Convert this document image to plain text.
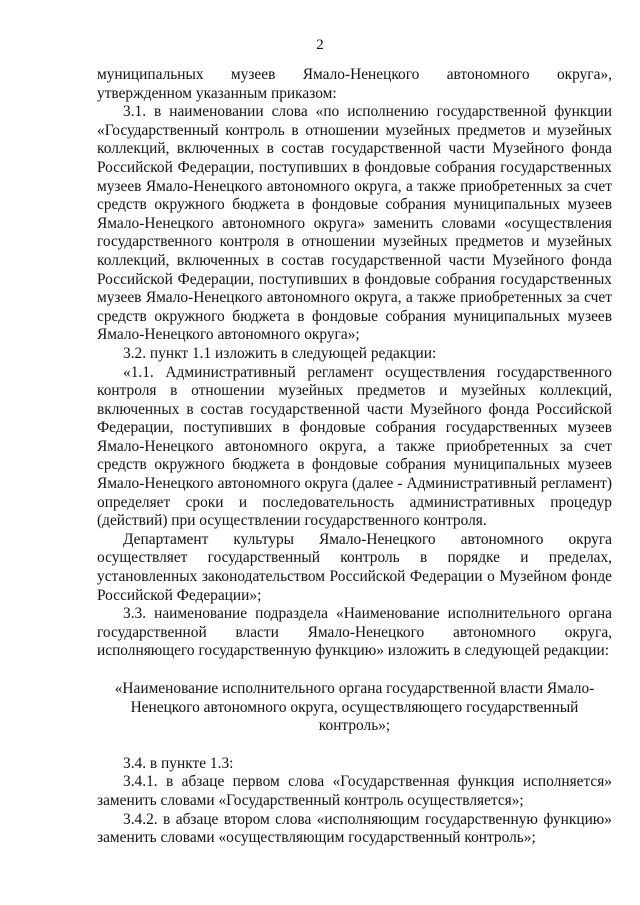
2

муниципальных музеев Ямало-Ненецкого автономного округа», утвержденном указанным приказом:

3.1. в наименовании слова «по исполнению государственной функции «Государственный контроль в отношении музейных предметов и музейных коллекций, включенных в состав государственной части Музейного фонда Российской Федерации, поступивших в фондовые собрания государственных музеев Ямало-Ненецкого автономного округа, а также приобретенных за счет средств окружного бюджета в фондовые собрания муниципальных музеев Ямало-Ненецкого автономного округа» заменить словами «осуществления государственного контроля в отношении музейных предметов и музейных коллекций, включенных в состав государственной части Музейного фонда Российской Федерации, поступивших в фондовые собрания государственных музеев Ямало-Ненецкого автономного округа, а также приобретенных за счет средств окружного бюджета в фондовые собрания муниципальных музеев Ямало-Ненецкого автономного округа»;

3.2. пункт 1.1 изложить в следующей редакции:

«1.1. Административный регламент осуществления государственного контроля в отношении музейных предметов и музейных коллекций, включенных в состав государственной части Музейного фонда Российской Федерации, поступивших в фондовые собрания государственных музеев Ямало-Ненецкого автономного округа, а также приобретенных за счет средств окружного бюджета в фондовые собрания муниципальных музеев Ямало-Ненецкого автономного округа (далее - Административный регламент) определяет сроки и последовательность административных процедур (действий) при осуществлении государственного контроля.

Департамент культуры Ямало-Ненецкого автономного округа осуществляет государственный контроль в порядке и пределах, установленных законодательством Российской Федерации о Музейном фонде Российской Федерации»;

3.3. наименование подраздела «Наименование исполнительного органа государственной власти Ямало-Ненецкого автономного округа, исполняющего государственную функцию» изложить в следующей редакции:

«Наименование исполнительного органа государственной власти Ямало-Ненецкого автономного округа, осуществляющего государственный контроль»;

3.4. в пункте 1.3:

3.4.1. в абзаце первом слова «Государственная функция исполняется» заменить словами «Государственный контроль осуществляется»;

3.4.2. в абзаце втором слова «исполняющим государственную функцию» заменить словами «осуществляющим государственный контроль»;
